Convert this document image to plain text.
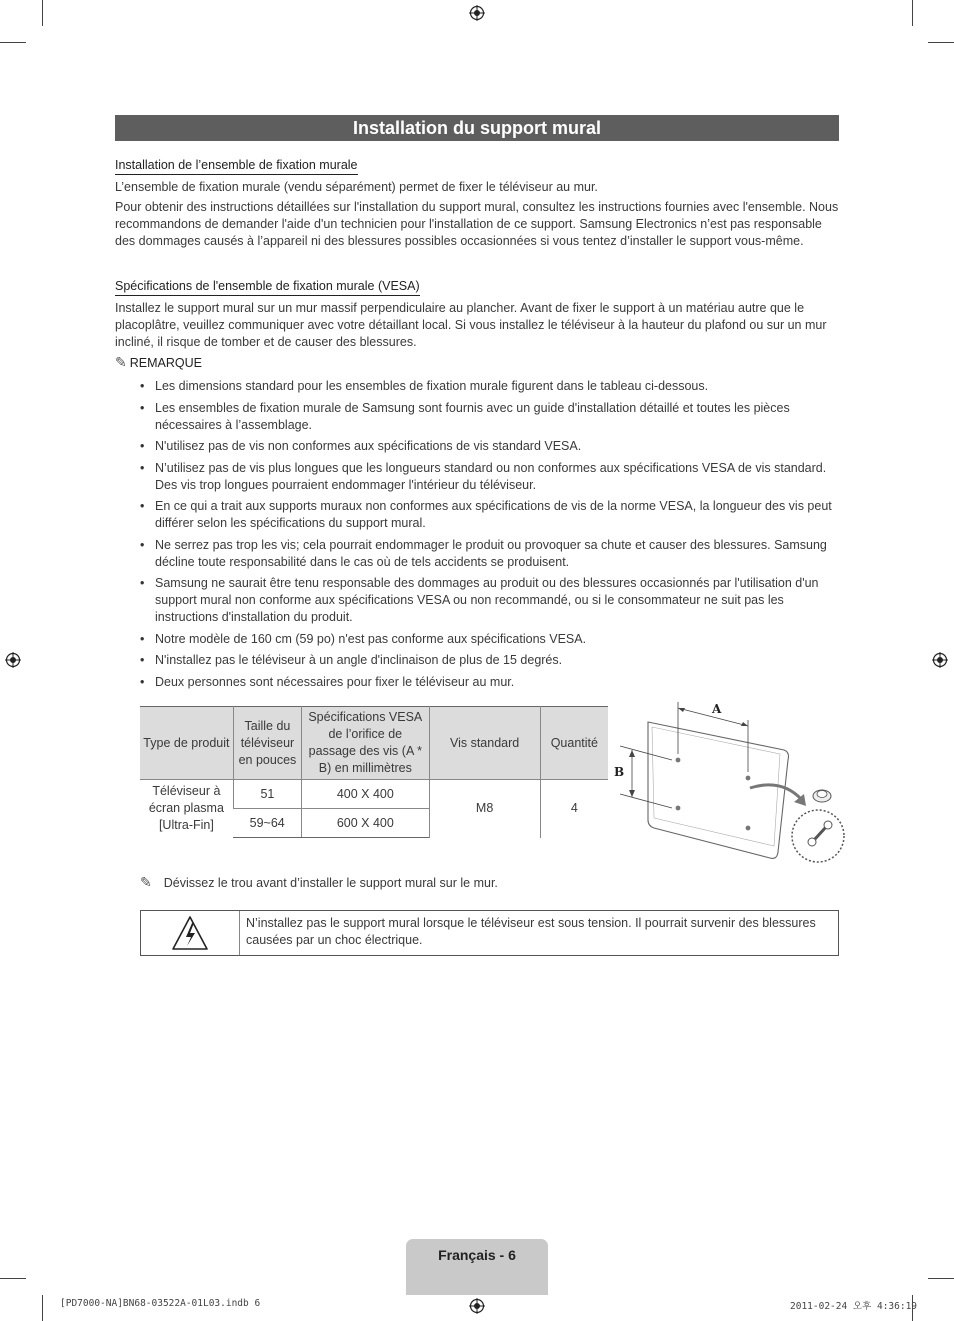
Installation du support mural
Installation de l’ensemble de fixation murale

L’ensemble de fixation murale (vendu séparément) permet de fixer le téléviseur au mur.

Pour obtenir des instructions détaillées sur l'installation du support mural, consultez les instructions fournies avec l'ensemble. Nous recommandons de demander l'aide d'un technicien pour l'installation de ce support. Samsung Electronics n’est pas responsable des dommages causés à l’appareil ni des blessures possibles occasionnées si vous tentez d’installer le support vous-même.

Spécifications de l'ensemble de fixation murale (VESA)
Installez le support mural sur un mur massif perpendiculaire au plancher. Avant de fixer le support à un matériau autre que le placoplâtre, veuillez communiquer avec votre détaillant local. Si vous installez le téléviseur à la hauteur du plafond ou sur un mur incliné, il risque de tomber et de causer des blessures.
✎ REMARQUE
• Les dimensions standard pour les ensembles de fixation murale figurent dans le tableau ci-dessous.
• Les ensembles de fixation murale de Samsung sont fournis avec un guide d'installation détaillé et toutes les pièces nécessaires à l’assemblage.
• N'utilisez pas de vis non conformes aux spécifications de vis standard VESA.
• N’utilisez pas de vis plus longues que les longueurs standard ou non conformes aux spécifications VESA de vis standard. Des vis trop longues pourraient endommager l'intérieur du téléviseur.
• En ce qui a trait aux supports muraux non conformes aux spécifications de vis de la norme VESA, la longueur des vis peut différer selon les spécifications du support mural.
• Ne serrez pas trop les vis; cela pourrait endommager le produit ou provoquer sa chute et causer des blessures. Samsung décline toute responsabilité dans le cas où de tels accidents se produisent.
• Samsung ne saurait être tenu responsable des dommages au produit ou des blessures occasionnés par l'utilisation d'un support mural non conforme aux spécifications VESA ou non recommandé, ou si le consommateur ne suit pas les instructions d'installation du produit.
• Notre modèle de 160 cm (59 po) n'est pas conforme aux spécifications VESA.
• N'installez pas le téléviseur à un angle d'inclinaison de plus de 15 degrés.
• Deux personnes sont nécessaires pour fixer le téléviseur au mur.
Type de produit	Taille du téléviseur en pouces	Spécifications VESA de l’orifice de passage des vis (A * B) en millimètres	Vis standard	Quantité
Téléviseur à écran plasma [Ultra-Fin]	51	400 X 400	M8	4
	59~64	600 X 400		
A
B
✎ Dévissez le trou avant d’installer le support mural sur le mur.
N’installez pas le support mural lorsque le téléviseur est sous tension. Il pourrait survenir des blessures causées par un choc électrique.
Français - 6
[PD7000-NA]BN68-03522A-01L03.indb 6	2011-02-24 오후 4:36:19
